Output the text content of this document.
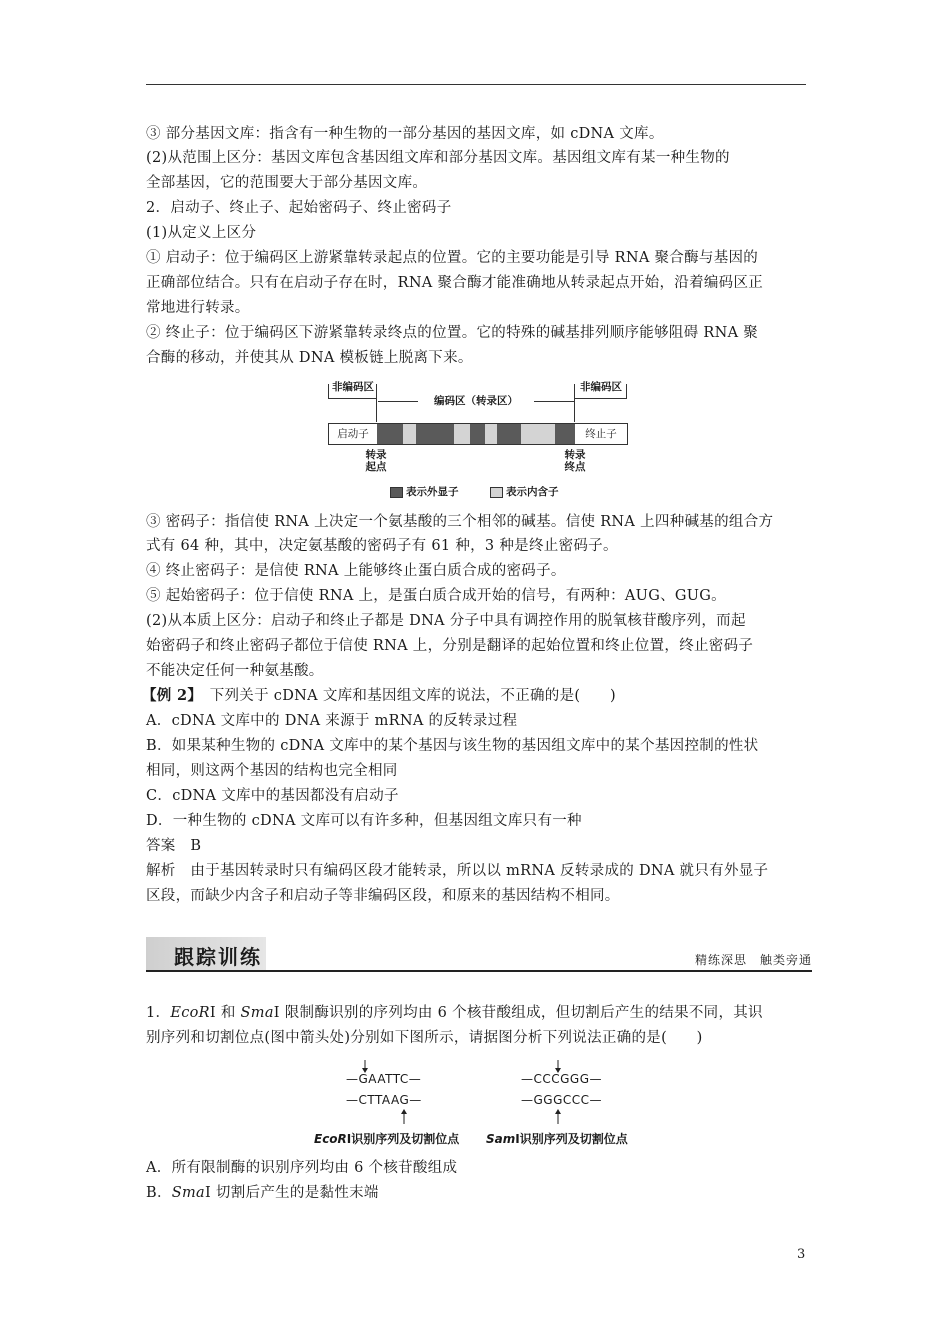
③ 部分基因文库：指含有一种生物的一部分基因的基因文库，如 cDNA 文库。
(2)从范围上区分：基因文库包含基因组文库和部分基因文库。基因组文库有某一种生物的
全部基因，它的范围要大于部分基因文库。
2．启动子、终止子、起始密码子、终止密码子
(1)从定义上区分
① 启动子：位于编码区上游紧靠转录起点的位置。它的主要功能是引导 RNA 聚合酶与基因的
正确部位结合。只有在启动子存在时，RNA 聚合酶才能准确地从转录起点开始，沿着编码区正
常地进行转录。
② 终止子：位于编码区下游紧靠转录终点的位置。它的特殊的碱基排列顺序能够阻碍 RNA 聚
合酶的移动，并使其从 DNA 模板链上脱离下来。
非编码区
编码区（转录区）
非编码区
启动子	终止子
转录
起点
转录
终点
表示外显子	表示内含子
③ 密码子：指信使 RNA 上决定一个氨基酸的三个相邻的碱基。信使 RNA 上四种碱基的组合方
式有 64 种，其中，决定氨基酸的密码子有 61 种，3 种是终止密码子。
④ 终止密码子：是信使 RNA 上能够终止蛋白质合成的密码子。
⑤ 起始密码子：位于信使 RNA 上，是蛋白质合成开始的信号，有两种：AUG、GUG。
(2)从本质上区分：启动子和终止子都是 DNA 分子中具有调控作用的脱氧核苷酸序列，而起
始密码子和终止密码子都位于信使 RNA 上，分别是翻译的起始位置和终止位置，终止密码子
不能决定任何一种氨基酸。
【例 2】　下列关于 cDNA 文库和基因组文库的说法，不正确的是(　　)
A．cDNA 文库中的 DNA 来源于 mRNA 的反转录过程
B．如果某种生物的 cDNA 文库中的某个基因与该生物的基因组文库中的某个基因控制的性状
相同，则这两个基因的结构也完全相同
C．cDNA 文库中的基因都没有启动子
D．一种生物的 cDNA 文库可以有许多种，但基因组文库只有一种
答案　B
解析　由于基因转录时只有编码区段才能转录，所以以 mRNA 反转录成的 DNA 就只有外显子
区段，而缺少内含子和启动子等非编码区段，和原来的基因结构不相同。
跟踪训练	精练深思　触类旁通
1．EcoRⅠ 和 SmaⅠ 限制酶识别的序列均由 6 个核苷酸组成，但切割后产生的结果不同，其识
别序列和切割位点(图中箭头处)分别如下图所示，请据图分析下列说法正确的是(　　)
—GAATTC—
—CTTAAG—
—CCCGGG—
—GGGCCC—
EcoRⅠ识别序列及切割位点 SamⅠ识别序列及切割位点
A．所有限制酶的识别序列均由 6 个核苷酸组成
B．SmaⅠ 切割后产生的是黏性末端
3
